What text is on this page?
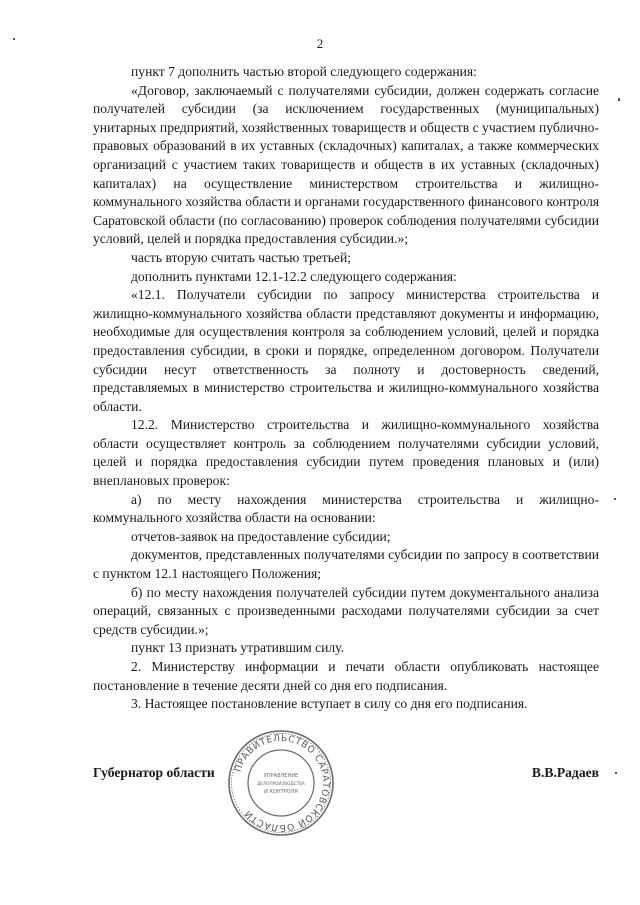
2

пункт 7 дополнить частью второй следующего содержания:

«Договор, заключаемый с получателями субсидии, должен содержать согласие получателей субсидии (за исключением государственных (муниципальных) унитарных предприятий, хозяйственных товариществ и обществ с участием публично-правовых образований в их уставных (складочных) капиталах, а также коммерческих организаций с участием таких товариществ и обществ в их уставных (складочных) капиталах) на осуществление министерством строительства и жилищно-коммунального хозяйства области и органами государственного финансового контроля Саратовской области (по согласованию) проверок соблюдения получателями субсидии условий, целей и порядка предоставления субсидии.»;

часть вторую считать частью третьей;

дополнить пунктами 12.1-12.2 следующего содержания:

«12.1. Получатели субсидии по запросу министерства строительства и жилищно-коммунального хозяйства области представляют документы и информацию, необходимые для осуществления контроля за соблюдением условий, целей и порядка предоставления субсидии, в сроки и порядке, определенном договором. Получатели субсидии несут ответственность за полноту и достоверность сведений, представляемых в министерство строительства и жилищно-коммунального хозяйства области.

12.2. Министерство строительства и жилищно-коммунального хозяйства области осуществляет контроль за соблюдением получателями субсидии условий, целей и порядка предоставления субсидии путем проведения плановых и (или) внеплановых проверок:

а) по месту нахождения министерства строительства и жилищно-коммунального хозяйства области на основании:

отчетов-заявок на предоставление субсидии;

документов, представленных получателями субсидии по запросу в соответствии с пунктом 12.1 настоящего Положения;

б) по месту нахождения получателей субсидии путем документального анализа операций, связанных с произведенными расходами получателями субсидии за счет средств субсидии.»;

пункт 13 признать утратившим силу.

2. Министерству информации и печати области опубликовать настоящее постановление в течение десяти дней со дня его подписания.

3. Настоящее постановление вступает в силу со дня его подписания.

ПРАВИТЕЛЬСТВО САРАТОВСКОЙ ОБЛАСТИ
УПРАВЛЕНИЕ
ДЕЛОПРОИЗВОДСТВА
И КОНТРОЛЯ
Губернатор области	В.В.Радаев
